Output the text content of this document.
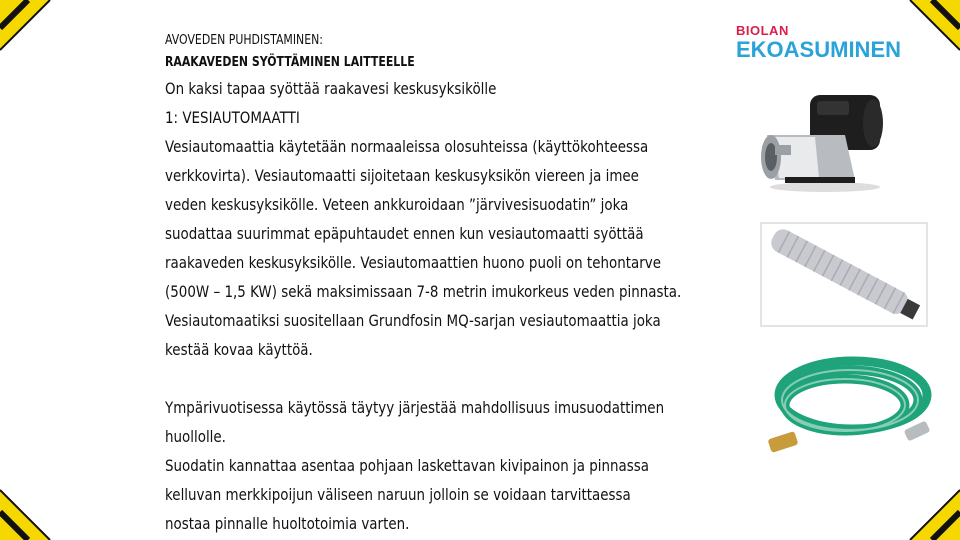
BIOLAN
EKOASUMINEN

AVOVEDEN PUHDISTAMINEN:

RAAKAVEDEN SYÖTTÄMINEN LAITTEELLE

On kaksi tapaa syöttää raakavesi keskusyksikölle

1: VESIAUTOMAATTI

Vesiautomaattia käytetään normaaleissa olosuhteissa (käyttökohteessa

verkkovirta). Vesiautomaatti sijoitetaan keskusyksikön viereen ja imee

veden keskusyksikölle. Veteen ankkuroidaan ”järvivesisuodatin” joka

suodattaa suurimmat epäpuhtaudet ennen kun vesiautomaatti syöttää

raakaveden keskusyksikölle. Vesiautomaattien huono puoli on tehontarve

(500W – 1,5 KW) sekä maksimissaan 7-8 metrin imukorkeus veden pinnasta.

Vesiautomaatiksi suositellaan Grundfosin MQ-sarjan vesiautomaattia joka

kestää kovaa käyttöä.

Ympärivuotisessa käytössä täytyy järjestää mahdollisuus imusuodattimen

huollolle.

Suodatin kannattaa asentaa pohjaan laskettavan kivipainon ja pinnassa

kelluvan merkkipoijun väliseen naruun jolloin se voidaan tarvittaessa

nostaa pinnalle huoltotoimia varten.
